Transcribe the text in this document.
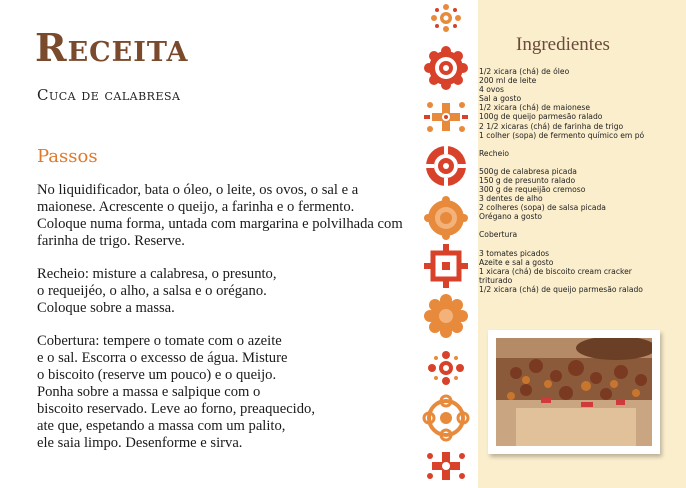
Receita
Cuca de calabresa
Passos

No liquidificador, bata o óleo, o leite, os ovos, o sal e a maionese. Acrescente o queijo, a farinha e o fermento. Coloque numa forma, untada com margarina e polvilhada com farinha de trigo. Reserve.

Recheio: misture a calabresa, o presunto,
o requeijéo, o alho, a salsa e o orégano.
Coloque sobre a massa.

Cobertura: tempere o tomate com o azeite
e o sal. Escorra o excesso de água. Misture
o biscoito (reserve um pouco) e o queijo.
Ponha sobre a massa e salpique com o
biscoito reservado. Leve ao forno, preaquecido,
ate que, espetando a massa com um palito,
ele saia limpo. Desenforme e sirva.

Ingredientes
1/2 xicara (chá) de óleo
200 ml de leite
4 ovos
Sal a gosto
1/2 xicara (chá) de maionese
100g de queijo parmesão ralado
2 1/2 xicaras (chá) de farinha de trigo
1 colher (sopa) de fermento químico em pó
Recheio
500g de calabresa picada
150 g de presunto ralado
300 g de requeijão cremoso
3 dentes de alho
2 colheres (sopa) de salsa picada
Orégano a gosto
Cobertura
3 tomates picados
Azeite e sal a gosto
1 xicara (chá) de biscoito cream cracker triturado
1/2 xicara (chá) de queijo parmesão ralado
